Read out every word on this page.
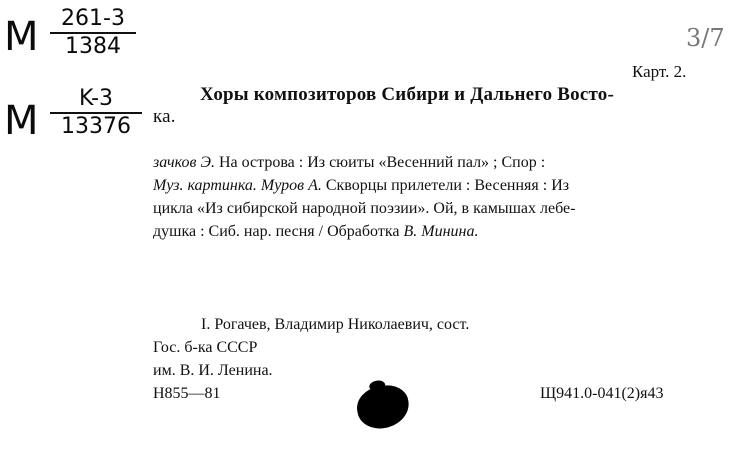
M $\frac{261-3}{1384}$
M $\frac{K-3}{13376}$
3/7
Карт. 2.
Хоры композиторов Сибири и Дальнего Восто-
ка.
зачков Э. На острова : Из сюиты «Весенний пал» ; Спор :
Муз. картинка. Муров А. Скворцы прилетели : Весенняя : Из
цикла «Из сибирской народной поэзии». Ой, в камышах лебе-
душка : Сиб. нар. песня / Обработка В. Минина.
I. Рогачев, Владимир Николаевич, сост.
Гос. б-ка СССР
им. В. И. Ленина.
Н855—81	Щ941.0-041(2)я43
